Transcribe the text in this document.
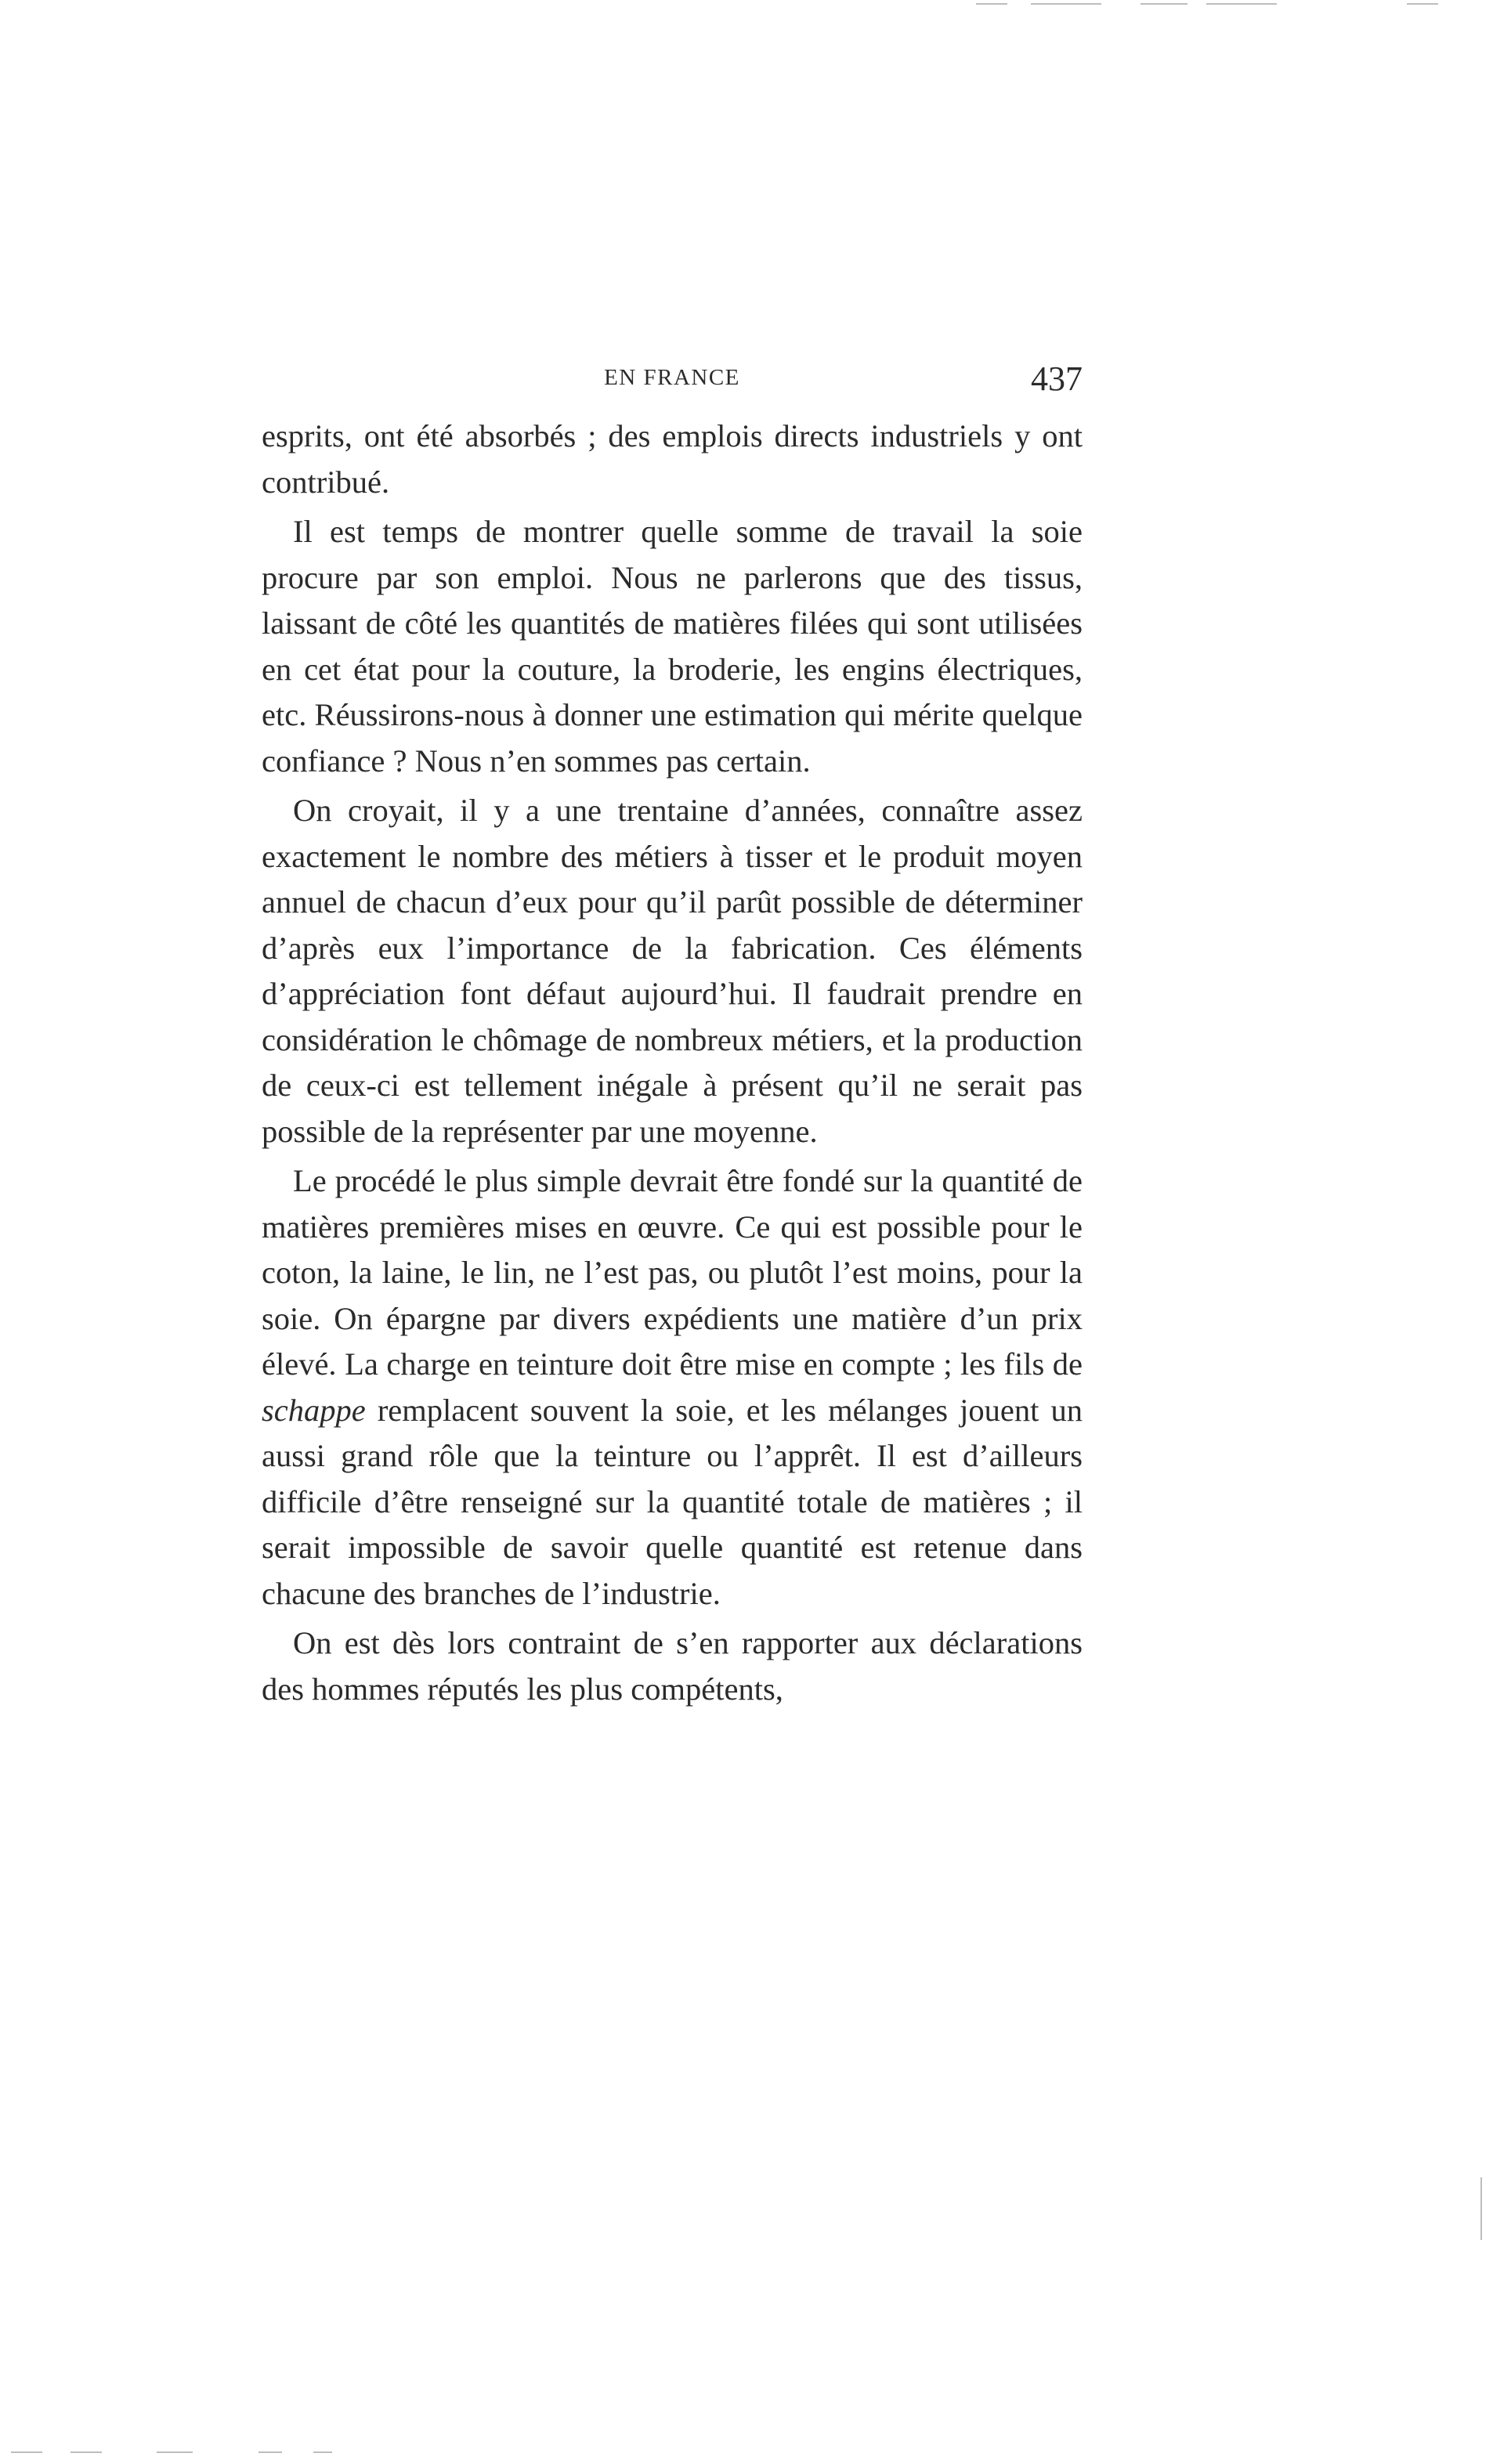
EN FRANCE	437

esprits, ont été absorbés ; des emplois directs industriels y ont contribué.

Il est temps de montrer quelle somme de travail la soie procure par son emploi. Nous ne parlerons que des tissus, laissant de côté les quantités de matières filées qui sont utilisées en cet état pour la couture, la broderie, les engins électriques, etc. Réussirons-nous à donner une estimation qui mérite quelque confiance ? Nous n’en sommes pas certain.

On croyait, il y a une trentaine d’années, connaître assez exactement le nombre des métiers à tisser et le produit moyen annuel de chacun d’eux pour qu’il parût possible de déterminer d’après eux l’importance de la fabrication. Ces éléments d’appréciation font défaut aujourd’hui. Il faudrait prendre en considération le chômage de nombreux métiers, et la production de ceux-ci est tellement inégale à présent qu’il ne serait pas possible de la représenter par une moyenne.

Le procédé le plus simple devrait être fondé sur la quantité de matières premières mises en œuvre. Ce qui est possible pour le coton, la laine, le lin, ne l’est pas, ou plutôt l’est moins, pour la soie. On épargne par divers expédients une matière d’un prix élevé. La charge en teinture doit être mise en compte ; les fils de schappe remplacent souvent la soie, et les mélanges jouent un aussi grand rôle que la teinture ou l’apprêt. Il est d’ailleurs difficile d’être renseigné sur la quantité totale de matières ; il serait impossible de savoir quelle quantité est retenue dans chacune des branches de l’industrie.

On est dès lors contraint de s’en rapporter aux déclarations des hommes réputés les plus compétents,
